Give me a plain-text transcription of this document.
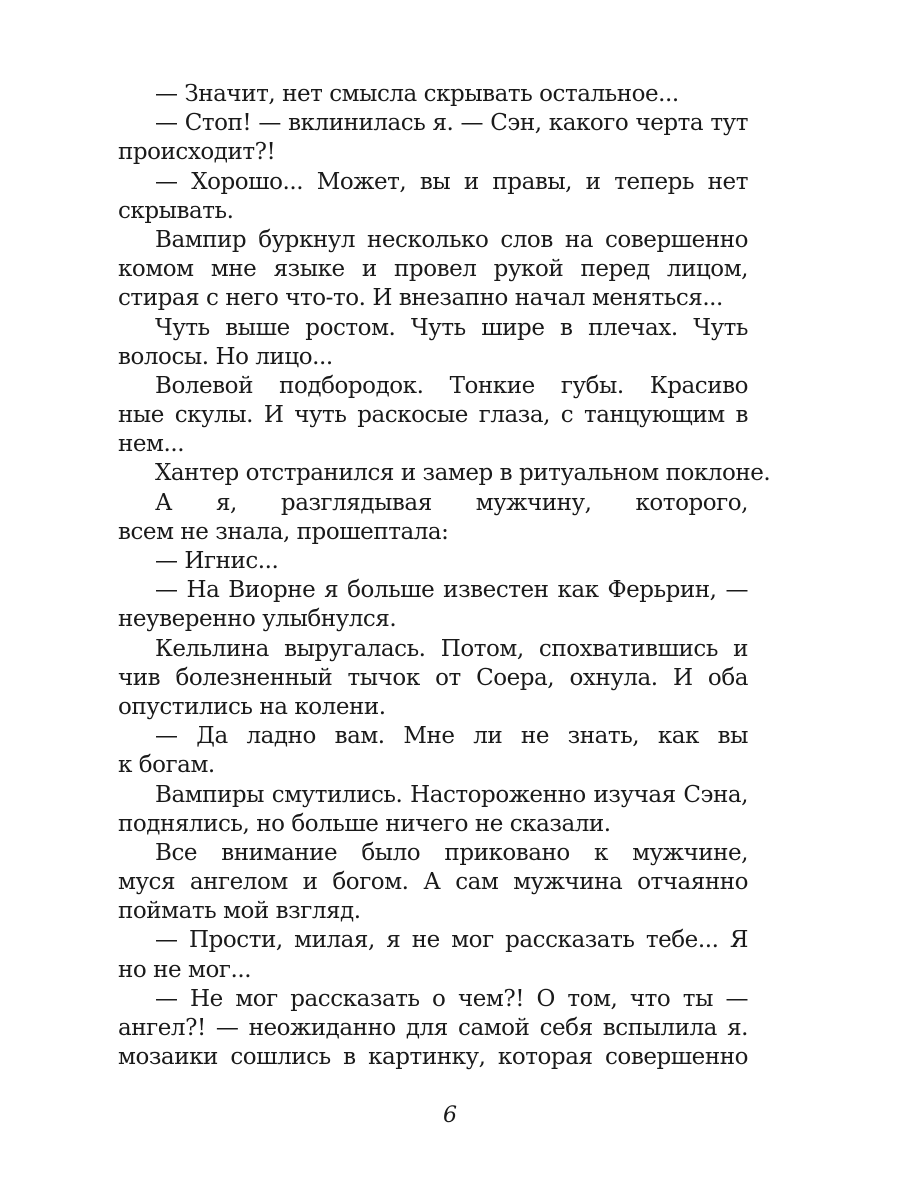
— Значит, нет смысла скрывать остальное...
— Стоп! — вклинилась я. — Сэн, какого черта тут
происходит?!
— Хорошо... Может, вы и правы, и теперь нет
скрывать.
Вампир буркнул несколько слов на совершенно
комом мне языке и провел рукой перед лицом,
стирая с него что-то. И внезапно начал меняться...
Чуть выше ростом. Чуть шире в плечах. Чуть
волосы. Но лицо...
Волевой подбородок. Тонкие губы. Красиво
ные скулы. И чуть раскосые глаза, с танцующим в
нем...
Хантер отстранился и замер в ритуальном поклоне.
А я, разглядывая мужчину, которого,
всем не знала, прошептала:
— Игнис...
— На Виорне я больше известен как Ферьрин, —
неуверенно улыбнулся.
Кельлина выругалась. Потом, спохватившись и
чив болезненный тычок от Соера, охнула. И оба
опустились на колени.
— Да ладно вам. Мне ли не знать, как вы
к богам.
Вампиры смутились. Настороженно изучая Сэна,
поднялись, но больше ничего не сказали.
Все внимание было приковано к мужчине,
муся ангелом и богом. А сам мужчина отчаянно
поймать мой взгляд.
— Прости, милая, я не мог рассказать тебе... Я
но не мог...
— Не мог рассказать о чем?! О том, что ты —
ангел?! — неожиданно для самой себя вспылила я.
мозаики сошлись в картинку, которая совершенно
6
